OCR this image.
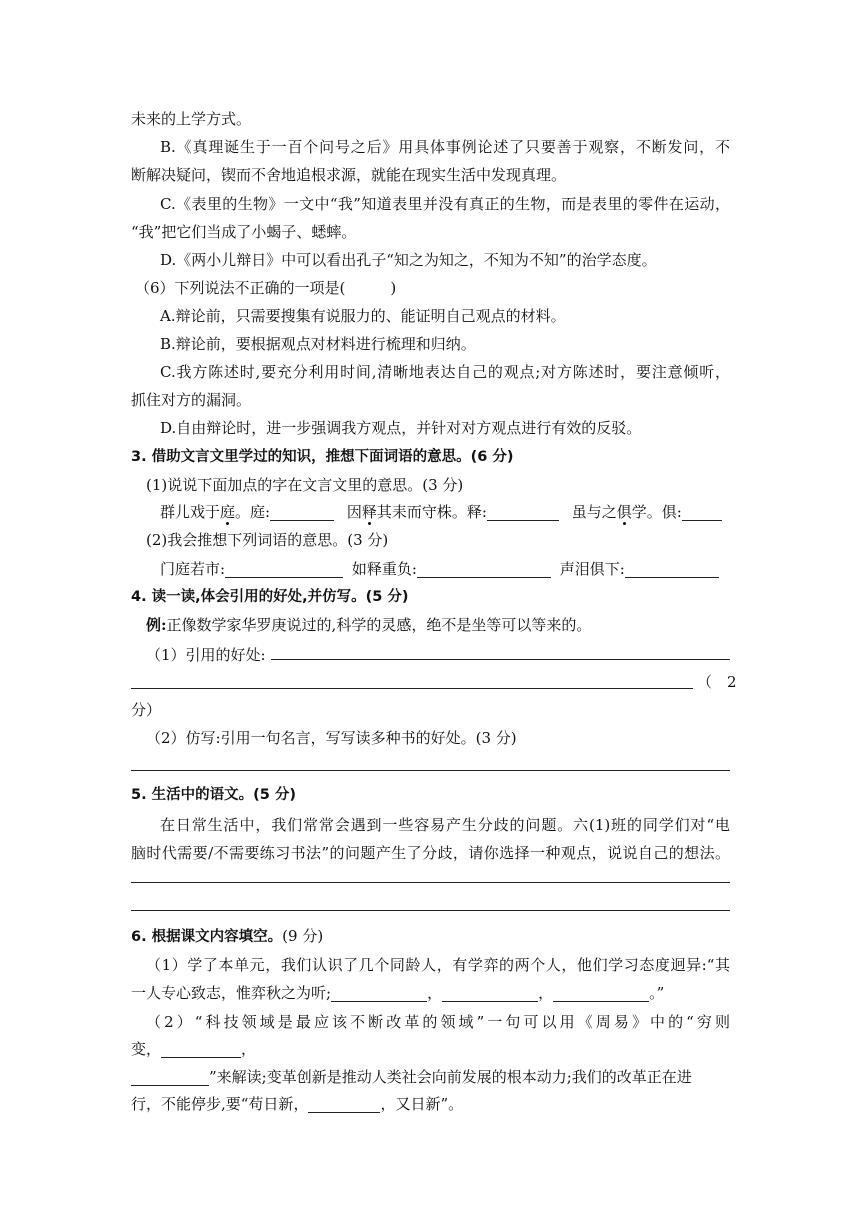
未来的上学方式。
B.《真理诞生于一百个问号之后》用具体事例论述了只要善于观察，不断发问，不
断解决疑问，锲而不舍地追根求源，就能在现实生活中发现真理。
C.《表里的生物》一文中“我”知道表里并没有真正的生物，而是表里的零件在运动，
“我”把它们当成了小蝎子、蟋蟀。
D.《两小儿辩日》中可以看出孔子“知之为知之，不知为不知”的治学态度。
（6）下列说法不正确的一项是(　　　)
A.辩论前，只需要搜集有说服力的、能证明自己观点的材料。
B.辩论前，要根据观点对材料进行梳理和归纳。
C.我方陈述时,要充分利用时间,清晰地表达自己的观点;对方陈述时，要注意倾听，
抓住对方的漏洞。
D.自由辩论时，进一步强调我方观点，并针对对方观点进行有效的反驳。
3. 借助文言文里学过的知识，推想下面词语的意思。(6 分)
(1)说说下面加点的字在文言文里的意思。(3 分)
群儿戏于庭。庭:	因释其耒而守株。释:	虽与之俱学。俱:
(2)我会推想下列词语的意思。(3 分)
门庭若市:	如释重负:	声泪俱下:
4. 读一读,体会引用的好处,并仿写。(5 分)
例:正像数学家华罗庚说过的,科学的灵感，绝不是坐等可以等来的。
（1）引用的好处:
（　2
分）
（2）仿写:引用一句名言，写写读多种书的好处。(3 分)
5. 生活中的语文。(5 分)
在日常生活中，我们常常会遇到一些容易产生分歧的问题。六(1)班的同学们对“电
脑时代需要/不需要练习书法”的问题产生了分歧，请你选择一种观点，说说自己的想法。
6. 根据课文内容填空。(9 分)
（1）学了本单元，我们认识了几个同龄人，有学弈的两个人，他们学习态度迥异:“其
一人专心致志，惟弈秋之为听;	，	，	。”
（2）“科技领域是最应该不断改革的领域”一句可以用《周易》中的“穷则
变，	，
”来解读;变革创新是推动人类社会向前发展的根本动力;我们的改革正在进
行，不能停步,要“苟日新，	，又日新”。
